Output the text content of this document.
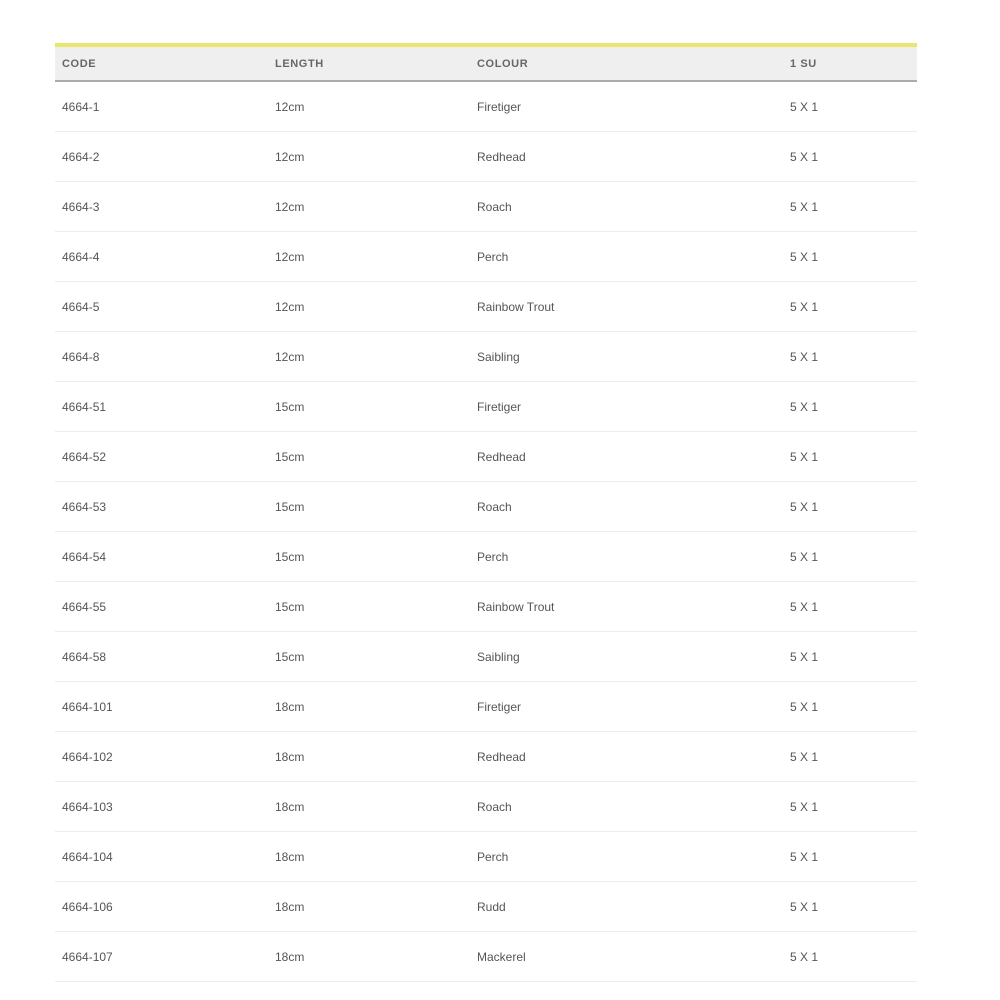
CODE	LENGTH	COLOUR	1 SU
4664-1	12cm	Firetiger	5 X 1
4664-2	12cm	Redhead	5 X 1
4664-3	12cm	Roach	5 X 1
4664-4	12cm	Perch	5 X 1
4664-5	12cm	Rainbow Trout	5 X 1
4664-8	12cm	Saibling	5 X 1
4664-51	15cm	Firetiger	5 X 1
4664-52	15cm	Redhead	5 X 1
4664-53	15cm	Roach	5 X 1
4664-54	15cm	Perch	5 X 1
4664-55	15cm	Rainbow Trout	5 X 1
4664-58	15cm	Saibling	5 X 1
4664-101	18cm	Firetiger	5 X 1
4664-102	18cm	Redhead	5 X 1
4664-103	18cm	Roach	5 X 1
4664-104	18cm	Perch	5 X 1
4664-106	18cm	Rudd	5 X 1
4664-107	18cm	Mackerel	5 X 1
